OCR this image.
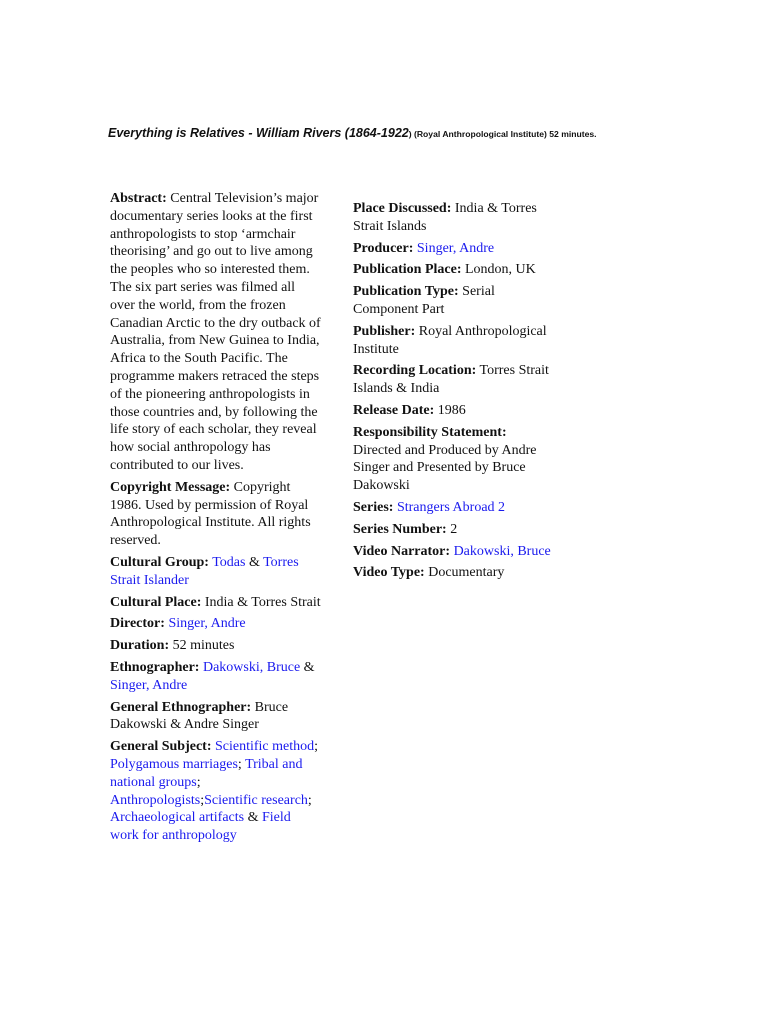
Everything is Relatives - William Rivers (1864-1922) (Royal Anthropological Institute) 52 minutes.
Abstract: Central Television’s major documentary series looks at the first anthropologists to stop ‘armchair theorising’ and go out to live among the peoples who so interested them. The six part series was filmed all over the world, from the frozen Canadian Arctic to the dry outback of Australia, from New Guinea to India, Africa to the South Pacific. The programme makers retraced the steps of the pioneering anthropologists in those countries and, by following the life story of each scholar, they reveal how social anthropology has contributed to our lives.
Copyright Message: Copyright 1986. Used by permission of Royal Anthropological Institute. All rights reserved.
Cultural Group: Todas & Torres Strait Islander
Cultural Place: India & Torres Strait
Director: Singer, Andre
Duration: 52 minutes
Ethnographer: Dakowski, Bruce & Singer, Andre
General Ethnographer: Bruce Dakowski & Andre Singer
General Subject: Scientific method; Polygamous marriages; Tribal and national groups; Anthropologists;Scientific research; Archaeological artifacts & Field work for anthropology
Place Discussed: India & Torres Strait Islands
Producer: Singer, Andre
Publication Place: London, UK
Publication Type: Serial Component Part
Publisher: Royal Anthropological Institute
Recording Location: Torres Strait Islands & India
Release Date: 1986
Responsibility Statement: Directed and Produced by Andre Singer and Presented by Bruce Dakowski
Series: Strangers Abroad 2
Series Number: 2
Video Narrator: Dakowski, Bruce
Video Type: Documentary
